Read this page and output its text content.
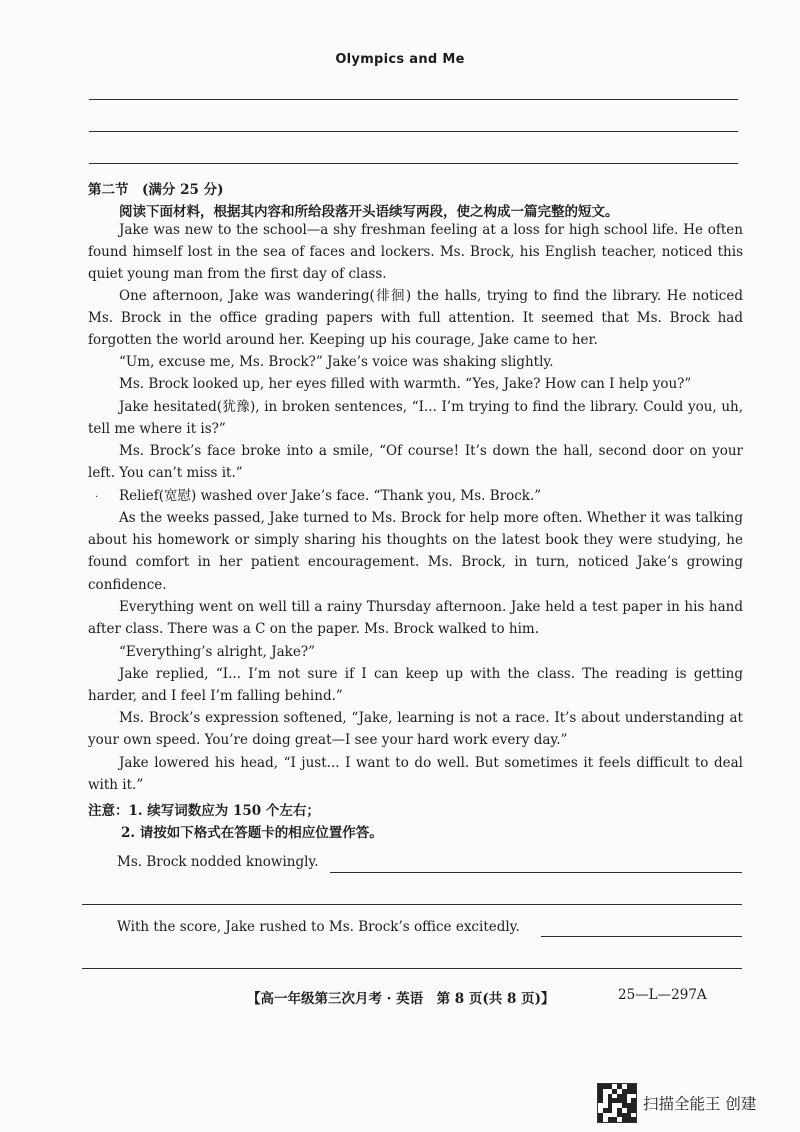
Olympics and Me
第二节　(满分 25 分)
阅读下面材料，根据其内容和所给段落开头语续写两段，使之构成一篇完整的短文。

Jake was new to the school—a shy freshman feeling at a loss for high school life. He often found himself lost in the sea of faces and lockers. Ms. Brock, his English teacher, noticed this quiet young man from the first day of class.

One afternoon, Jake was wandering(徘徊) the halls, trying to find the library. He noticed Ms. Brock in the office grading papers with full attention. It seemed that Ms. Brock had forgotten the world around her. Keeping up his courage, Jake came to her.

“Um, excuse me, Ms. Brock?” Jake’s voice was shaking slightly.

Ms. Brock looked up, her eyes filled with warmth. “Yes, Jake? How can I help you?”

Jake hesitated(犹豫), in broken sentences, “I... I’m trying to find the library. Could you, uh, tell me where it is?”

Ms. Brock’s face broke into a smile, “Of course! It’s down the hall, second door on your left. You can’t miss it.”

.	Relief(宽慰) washed over Jake’s face. “Thank you, Ms. Brock.”

As the weeks passed, Jake turned to Ms. Brock for help more often. Whether it was talking about his homework or simply sharing his thoughts on the latest book they were studying, he found comfort in her patient encouragement. Ms. Brock, in turn, noticed Jake’s growing confidence.

Everything went on well till a rainy Thursday afternoon. Jake held a test paper in his hand after class. There was a C on the paper. Ms. Brock walked to him.

“Everything’s alright, Jake?”

Jake replied, “I... I’m not sure if I can keep up with the class. The reading is getting harder, and I feel I’m falling behind.”

Ms. Brock’s expression softened, “Jake, learning is not a race. It’s about understanding at your own speed. You’re doing great—I see your hard work every day.”

Jake lowered his head, “I just... I want to do well. But sometimes it feels difficult to deal with it.”

注意：1. 续写词数应为 150 个左右；
2. 请按如下格式在答题卡的相应位置作答。
Ms. Brock nodded knowingly.
With the score, Jake rushed to Ms. Brock’s office excitedly.
【高一年级第三次月考 · 英语　第 8 页(共 8 页)】	25—L—297A
扫描全能王 创建
